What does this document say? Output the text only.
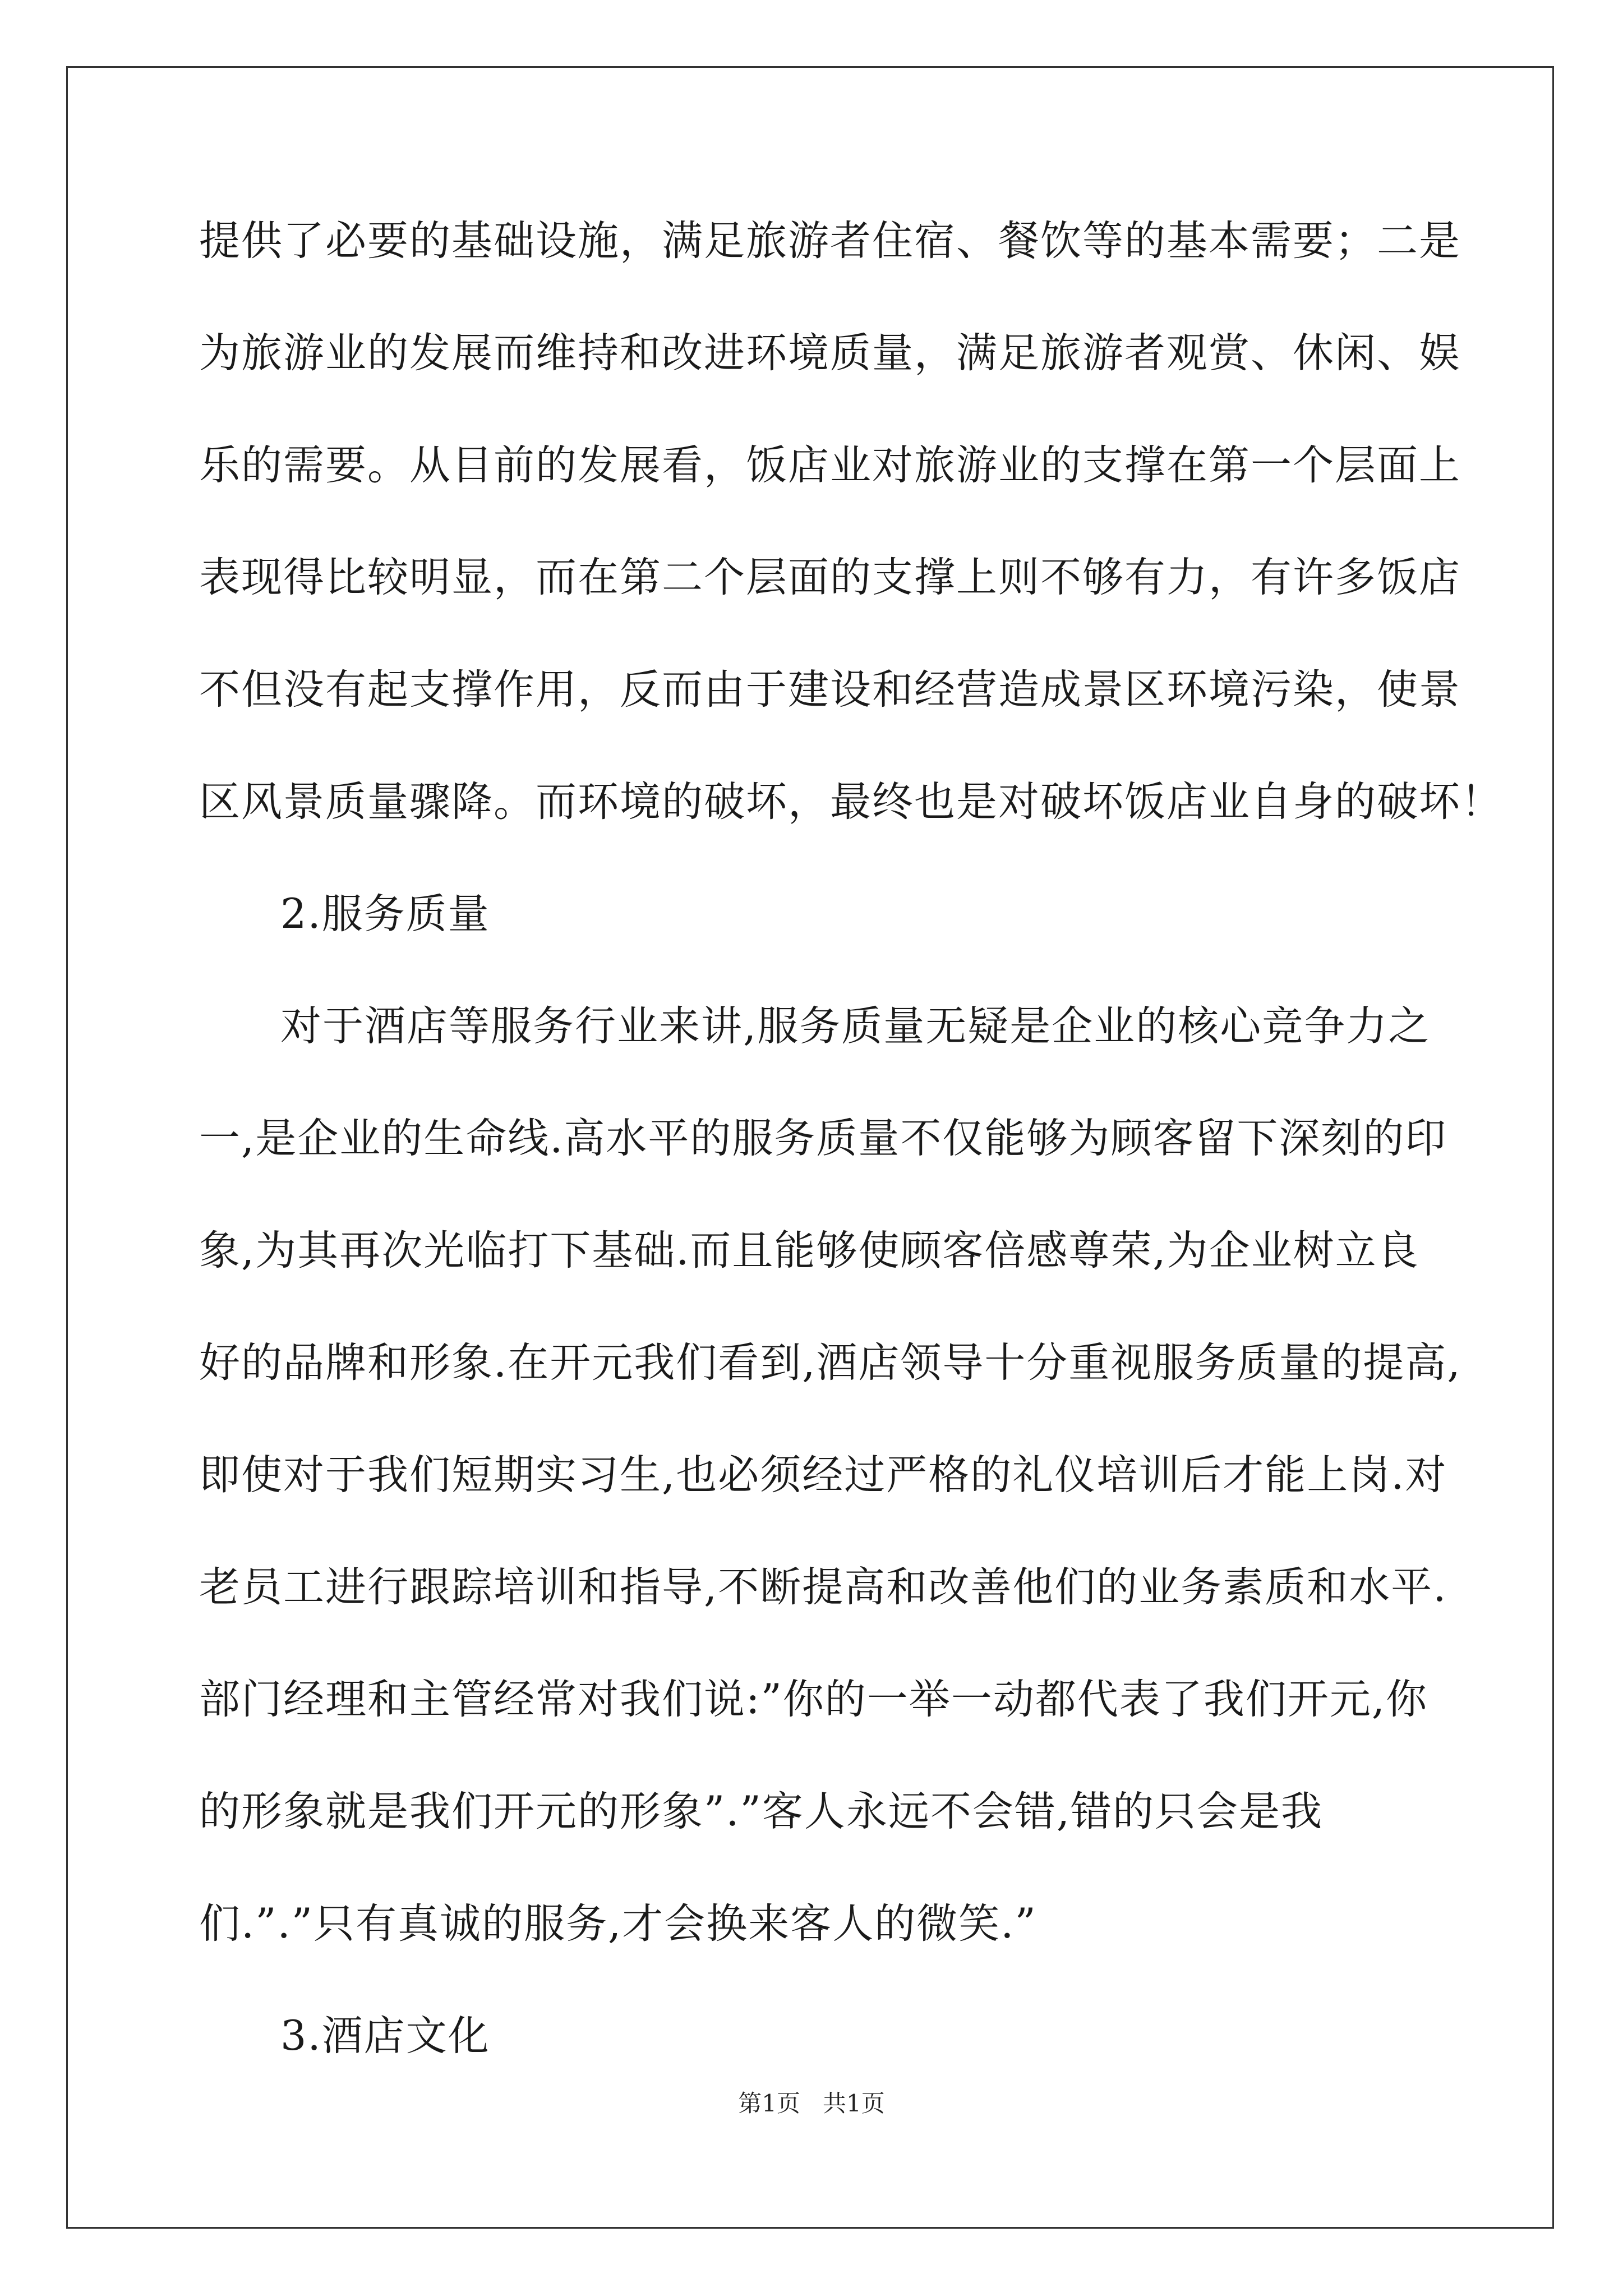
提供了必要的基础设施，满足旅游者住宿、餐饮等的基本需要；二是
为旅游业的发展而维持和改进环境质量，满足旅游者观赏、休闲、娱
乐的需要。从目前的发展看，饭店业对旅游业的支撑在第一个层面上
表现得比较明显，而在第二个层面的支撑上则不够有力，有许多饭店
不但没有起支撑作用，反而由于建设和经营造成景区环境污染，使景
区风景质量骤降。而环境的破坏，最终也是对破坏饭店业自身的破坏！
2.服务质量
对于酒店等服务行业来讲,服务质量无疑是企业的核心竞争力之
一,是企业的生命线.高水平的服务质量不仅能够为顾客留下深刻的印
象,为其再次光临打下基础.而且能够使顾客倍感尊荣,为企业树立良
好的品牌和形象.在开元我们看到,酒店领导十分重视服务质量的提高,
即使对于我们短期实习生,也必须经过严格的礼仪培训后才能上岗.对
老员工进行跟踪培训和指导,不断提高和改善他们的业务素质和水平.
部门经理和主管经常对我们说:”你的一举一动都代表了我们开元,你
的形象就是我们开元的形象”.”客人永远不会错,错的只会是我
们.”.”只有真诚的服务,才会换来客人的微笑.”
3.酒店文化
第1页 共1页
